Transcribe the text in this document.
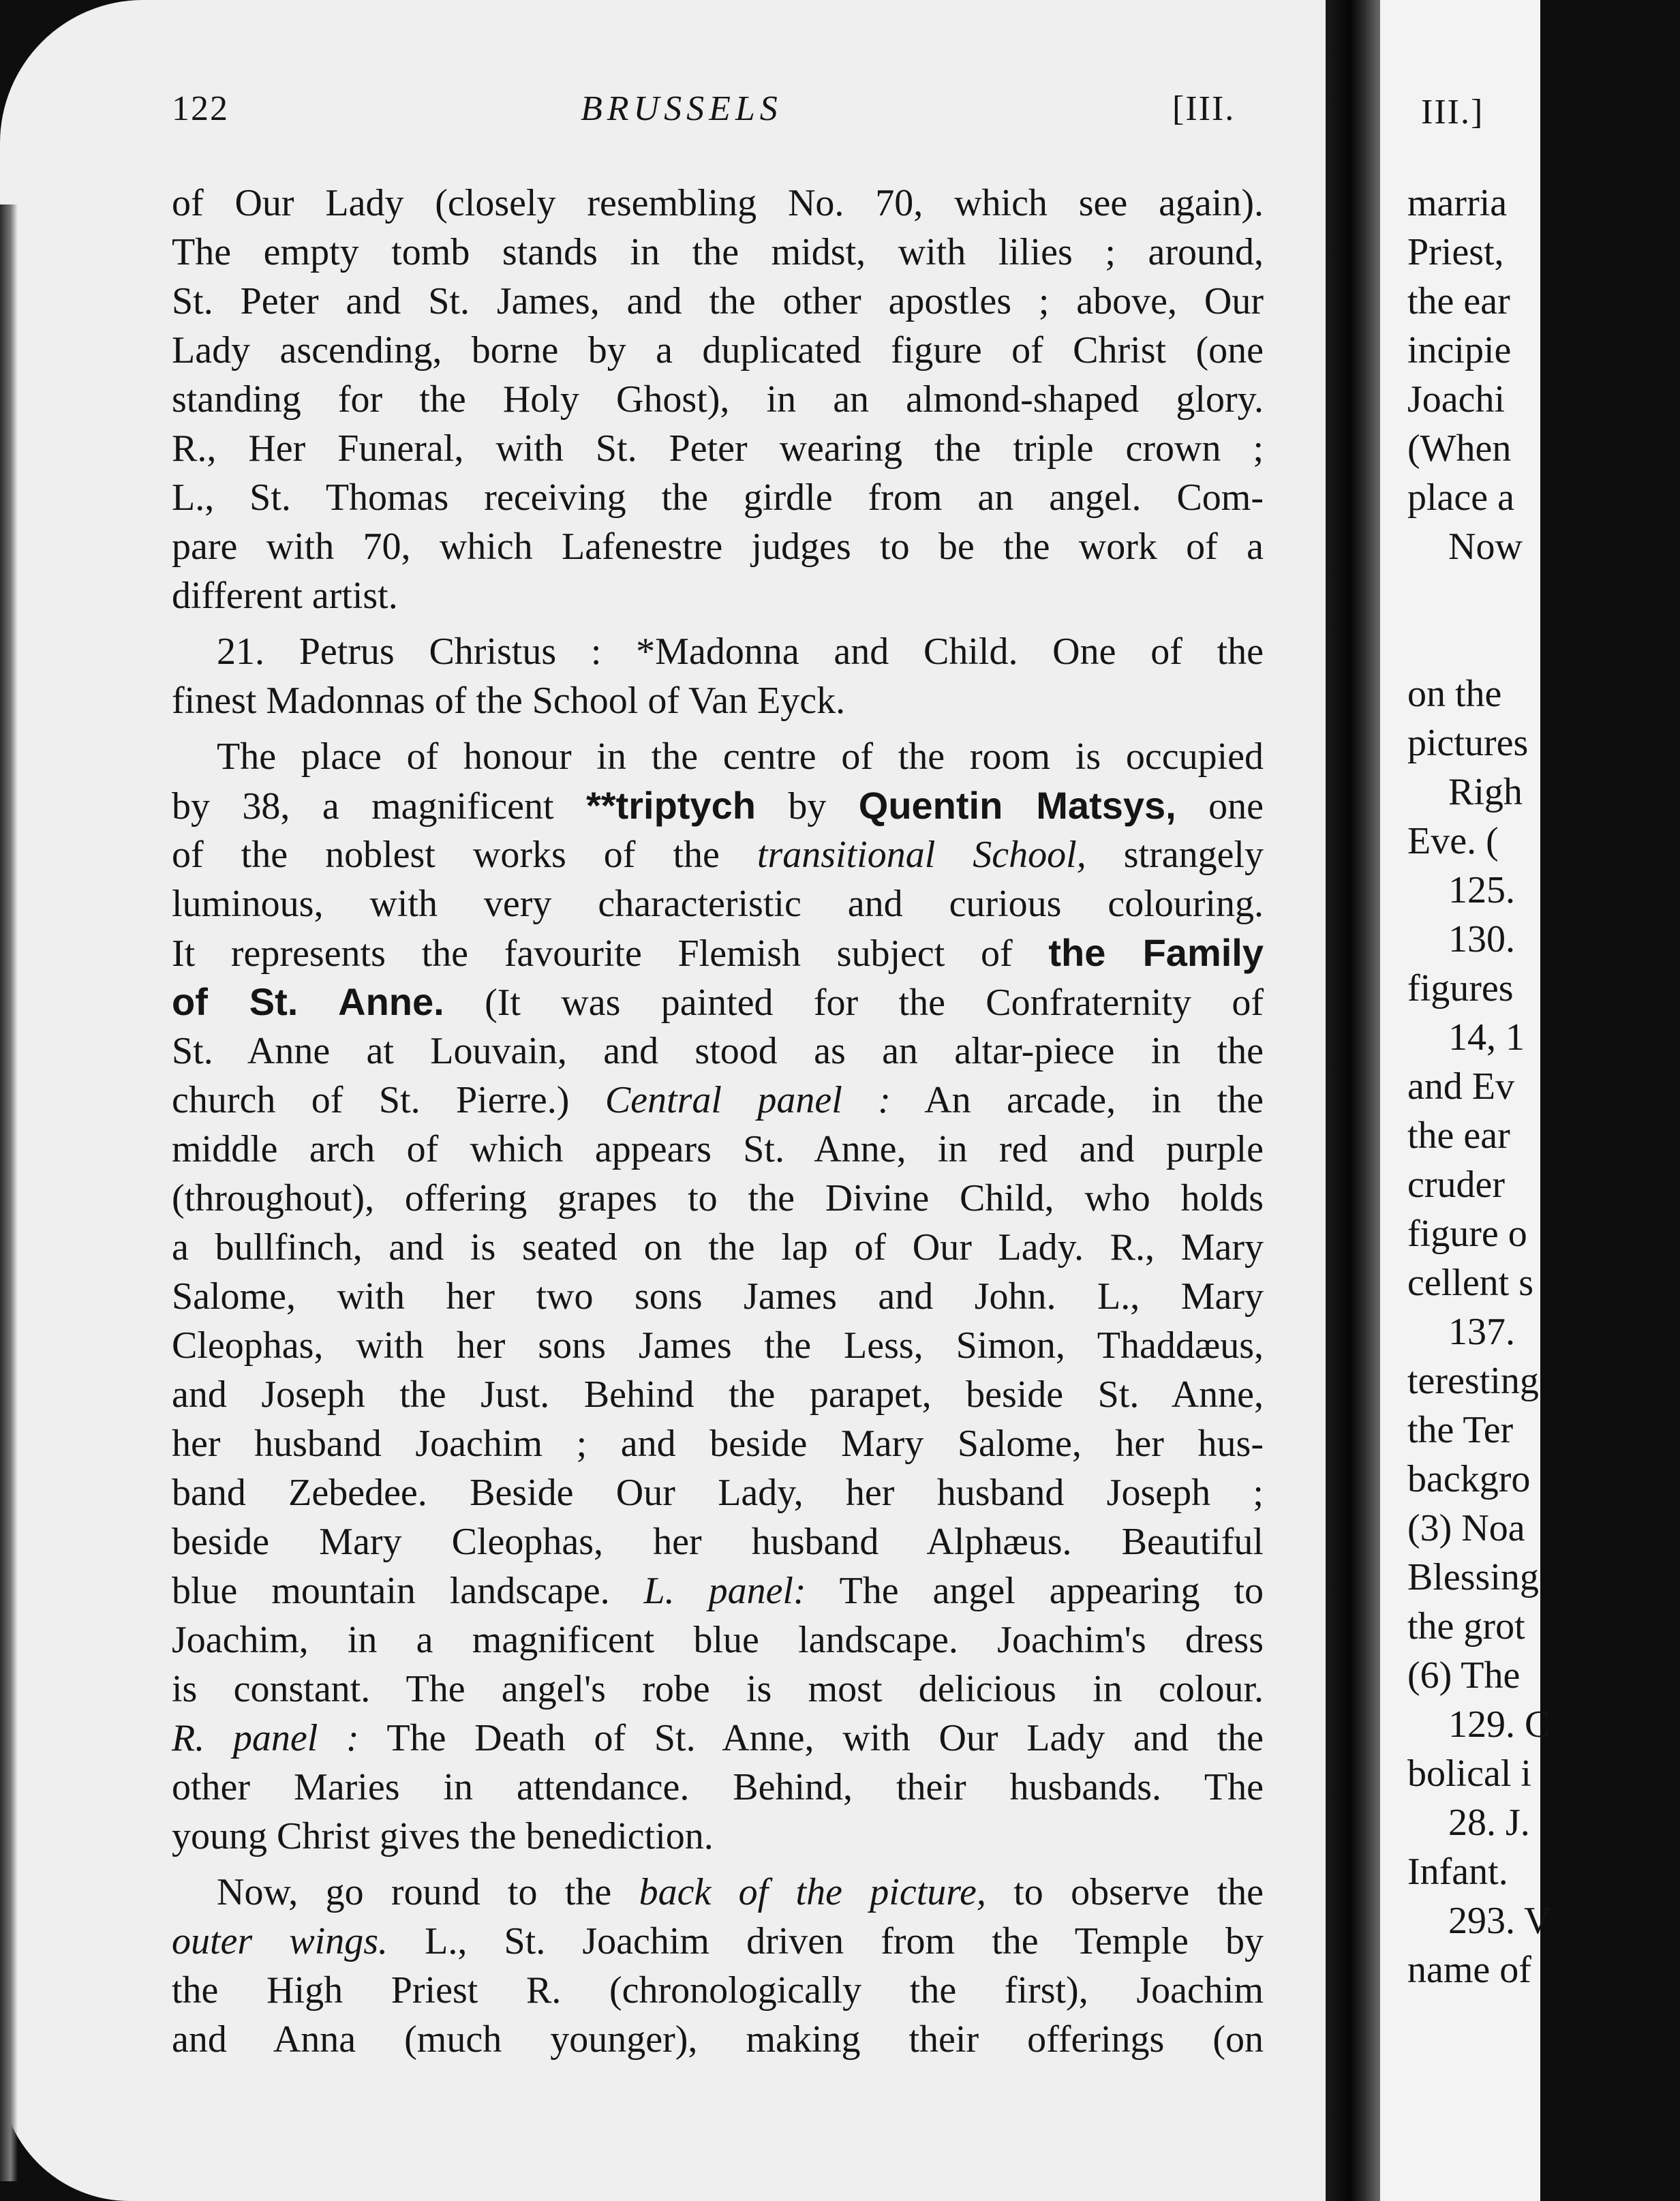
122	BRUSSELS	[III.
of Our Lady (closely resembling No. 70, which see again).
The empty tomb stands in the midst, with lilies ; around,
St. Peter and St. James, and the other apostles ; above, Our
Lady ascending, borne by a duplicated figure of Christ (one
standing for the Holy Ghost), in an almond-shaped glory.
R., Her Funeral, with St. Peter wearing the triple crown ;
L., St. Thomas receiving the girdle from an angel. Com-
pare with 70, which Lafenestre judges to be the work of a
different artist.
21. Petrus Christus : *Madonna and Child. One of the
finest Madonnas of the School of Van Eyck.
The place of honour in the centre of the room is occupied
by 38, a magnificent **triptych by Quentin Matsys, one
of the noblest works of the transitional School, strangely
luminous, with very characteristic and curious colouring.
It represents the favourite Flemish subject of the Family
of St. Anne. (It was painted for the Confraternity of
St. Anne at Louvain, and stood as an altar-piece in the
church of St. Pierre.) Central panel : An arcade, in the
middle arch of which appears St. Anne, in red and purple
(throughout), offering grapes to the Divine Child, who holds
a bullfinch, and is seated on the lap of Our Lady. R., Mary
Salome, with her two sons James and John. L., Mary
Cleophas, with her sons James the Less, Simon, Thaddæus,
and Joseph the Just. Behind the parapet, beside St. Anne,
her husband Joachim ; and beside Mary Salome, her hus-
band Zebedee. Beside Our Lady, her husband Joseph ;
beside Mary Cleophas, her husband Alphæus. Beautiful
blue mountain landscape. L. panel: The angel appearing to
Joachim, in a magnificent blue landscape. Joachim's dress
is constant. The angel's robe is most delicious in colour.
R. panel : The Death of St. Anne, with Our Lady and the
other Maries in attendance. Behind, their husbands. The
young Christ gives the benediction.
Now, go round to the back of the picture, to observe the
outer wings. L., St. Joachim driven from the Temple by
the High Priest R. (chronologically the first), Joachim
and Anna (much younger), making their offerings (on
III.]
marria
Priest,
the ear
incipie
Joachi
(When
place a
Now
on the
pictures
Righ
Eve. (
125.
130.
figures
14, 1
and Ev
the ear
cruder
figure o
cellent s
137.
teresting
the Ter
backgro
(3) Noa
Blessing
the grot
(6) The
129. C
bolical i
28. J.
Infant.
293. V
name of
